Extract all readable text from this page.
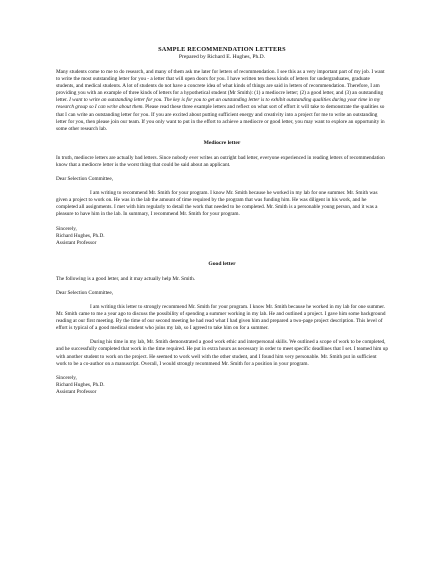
SAMPLE RECOMMENDATION LETTERS

Prepared by Richard E. Hughes, Ph.D.

Many students come to me to do research, and many of them ask me later for letters of recommendation. I see this as a very important part of my job. I want to write the most outstanding letter for you - a letter that will open doors for you. I have written ten thess kinds of letters for undergraduates, graduate students, and medical students. A lot of students do not have a concrete idea of what kinds of things are said in letters of recommendation. Therefore, I am providing you with an example of three kinds of letters for a hypothetical student (Mr Smith): (1) a mediocre letter; (2) a good letter, and (3) an outstanding letter. I want to write an outstanding letter for you. The key is for you to get an outstanding letter is to exhibit outstanding qualities during your time in my research group so I can write about them. Please read these three example letters and reflect on what sort of effort it will take to demonstrate the qualities so that I can write an outstanding letter for you. If you are excited about putting sufficient energy and creativity into a project for me to write an outstanding letter for you, then please join our team. If you only want to put in the effort to achieve a mediocre or good letter, you may want to explore an opportunity in some other research lab.

Mediocre letter

In truth, mediocre letters are actually bad letters. Since nobody ever writes an outright bad letter, everyone experienced in reading letters of recommendation know that a mediocre letter is the worst thing that could be said about an applicant.

Dear Selection Committee,

I am writing to recommend Mr. Smith for your program. I know Mr. Smith because he worked in my lab for one summer. Mr. Smith was given a project to work on. He was in the lab the amount of time required by the program that was funding him. He was diligent in his work, and he completed all assignments. I met with him regularly to detail the work that needed to be completed. Mr. Smith is a personable young person, and it was a pleasure to have him in the lab. In summary, I recommend Mr. Smith for your program.

Sincerely,
Richard Hughes, Ph.D.
Assistant Professor

Good letter

The following is a good letter, and it may actually help Mr. Smith.

Dear Selection Committee,

I am writing this letter to strongly recommend Mr. Smith for your program. I know Mr. Smith because he worked in my lab for one summer. Mr. Smith came to me a year ago to discuss the possibility of spending a summer working in my lab. He and outlined a project. I gave him some background reading at our first meeting. By the time of our second meeting he had read what I had given him and prepared a two-page project description. This level of effort is typical of a good medical student who joins my lab, so I agreed to take him on for a summer.

During his time in my lab, Mr. Smith demonstrated a good work ethic and interpersonal skills. We outlined a scope of work to be completed, and he successfully completed that work in the time required. He put in extra hours as necessary in order to meet specific deadlines that I set. I teamed him up with another student to work on the project. He seemed to work well with the other student, and I found him very personable. Mr. Smith put in sufficient work to be a co-author on a manuscript. Overall, I would strongly recommend Mr. Smith for a position in your program.

Sincerely,
Richard Hughes, Ph.D.
Assistant Professor
